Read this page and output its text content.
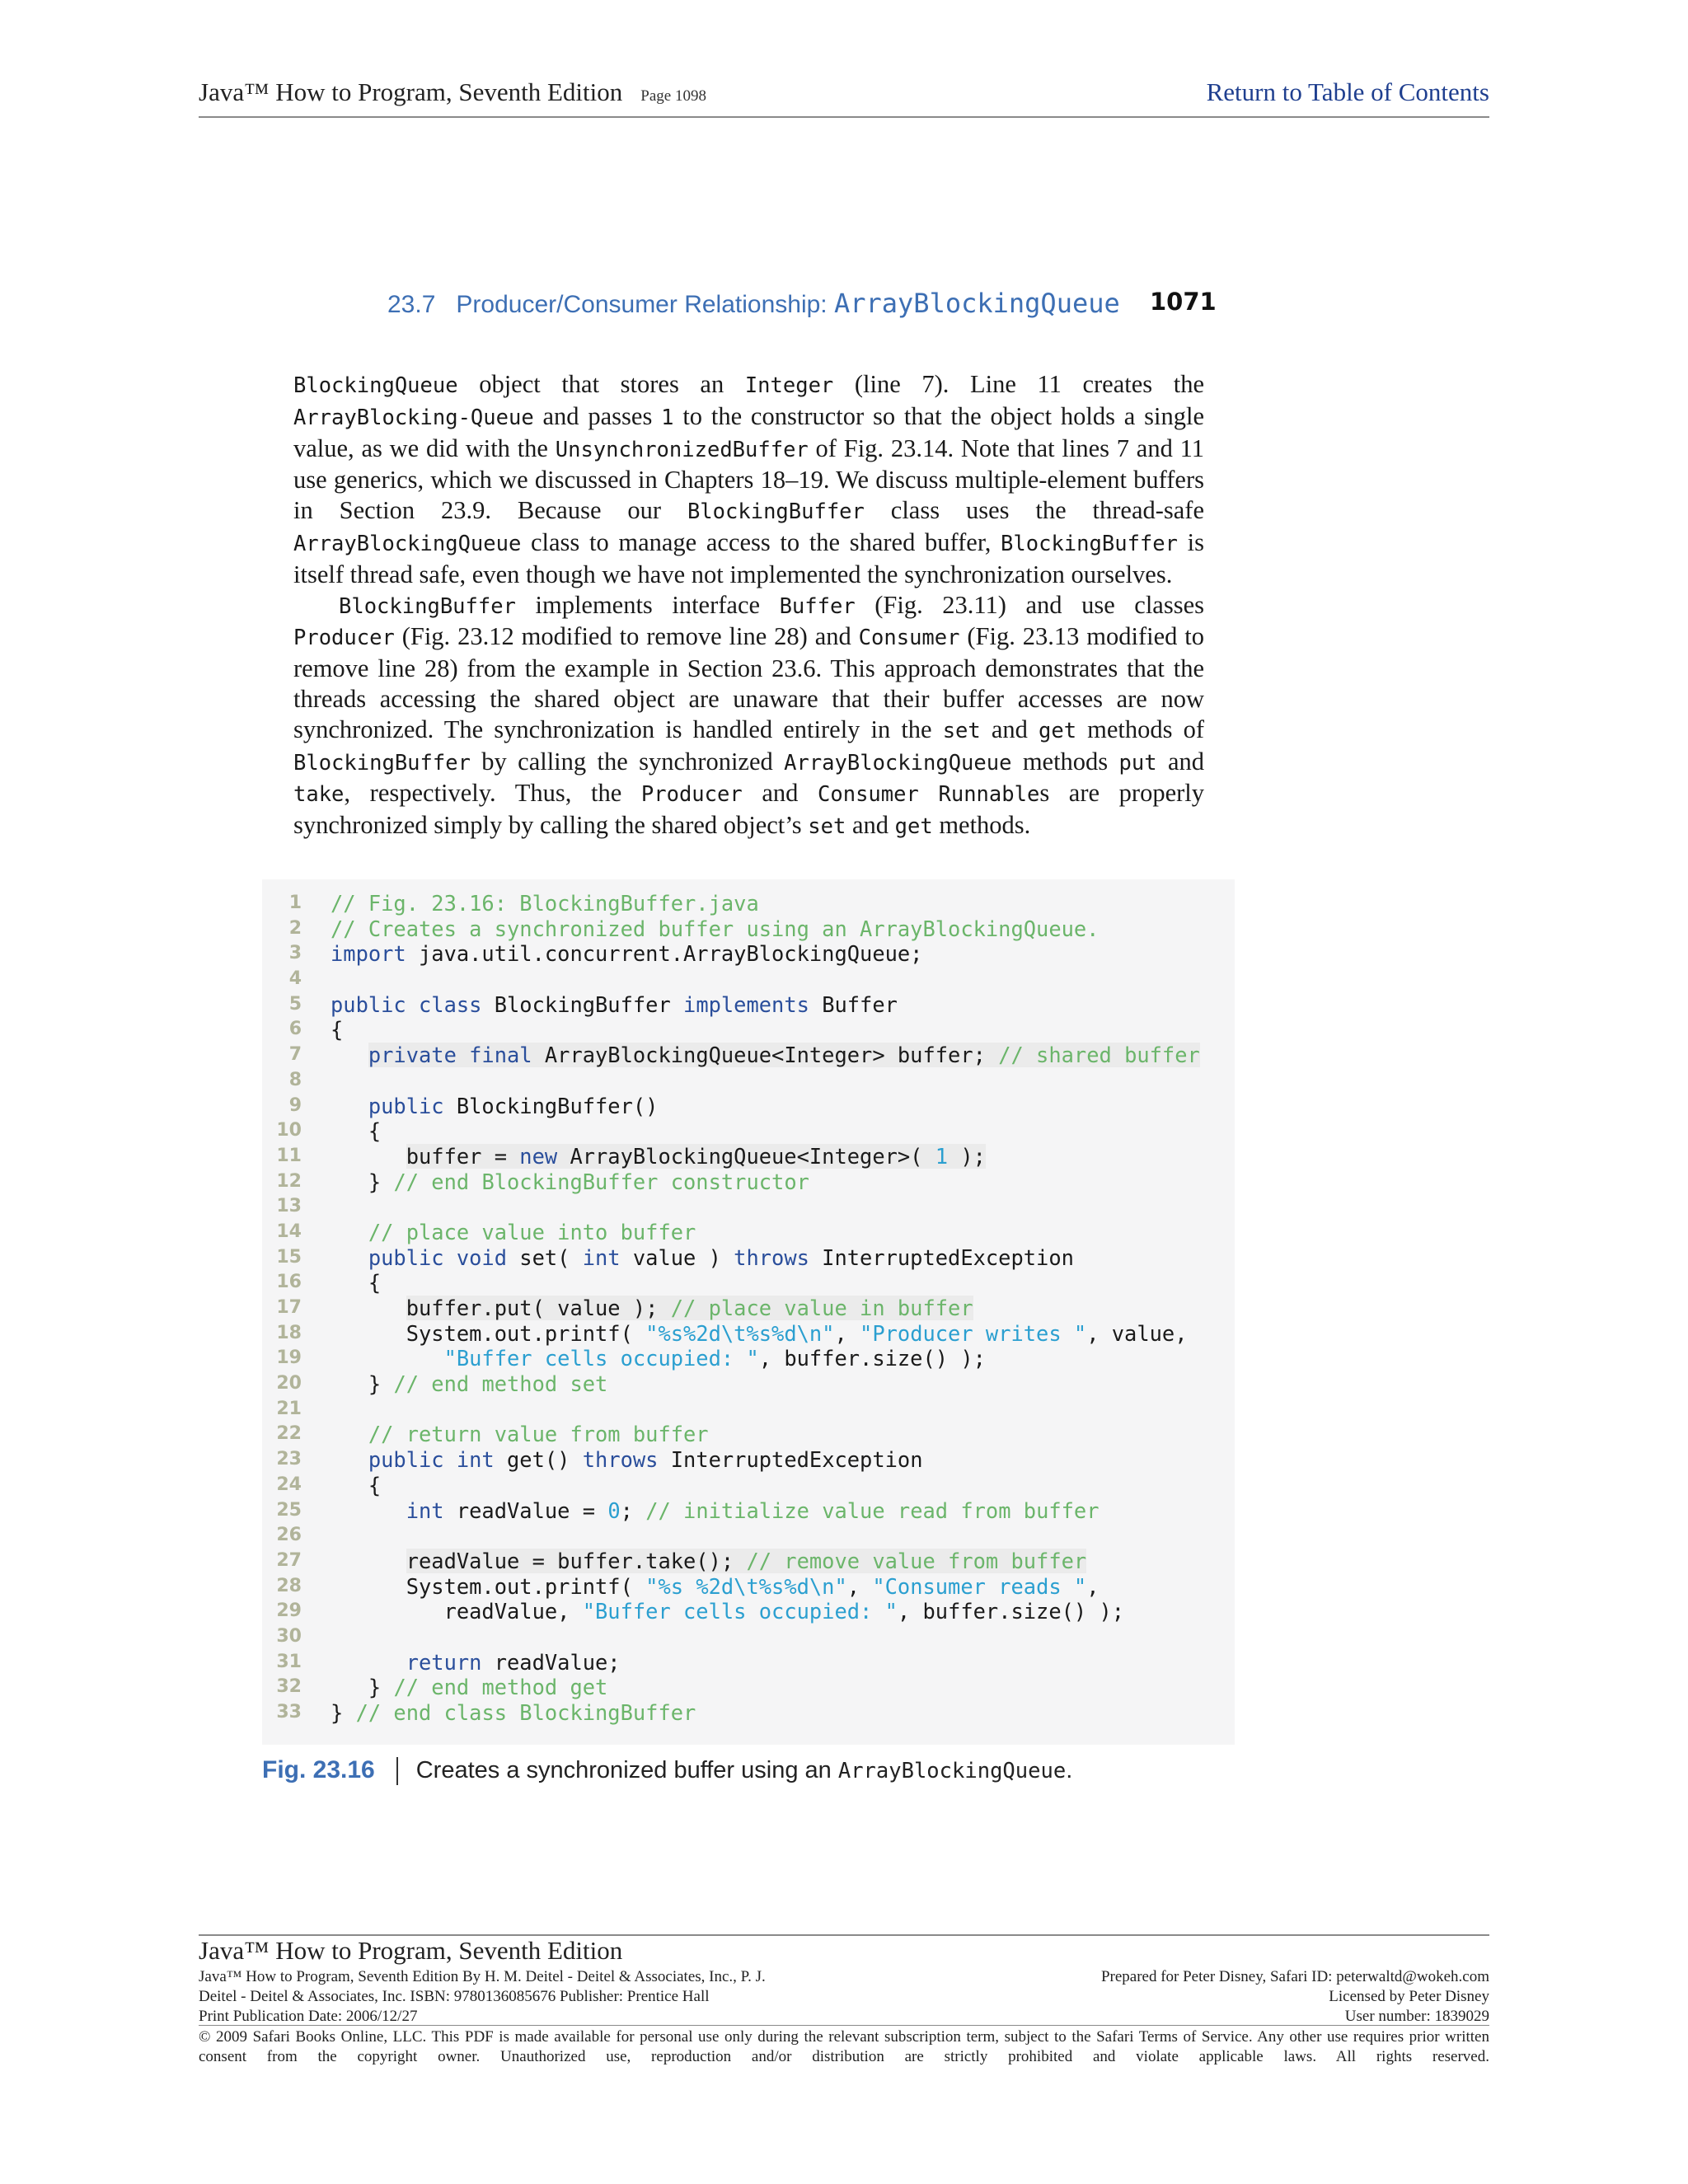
Java™ How to Program, Seventh Edition Page 1098	Return to Table of Contents
23.7 Producer/Consumer Relationship: ArrayBlockingQueue 1071

BlockingQueue object that stores an Integer (line 7). Line 11 creates the ArrayBlocking-Queue and passes 1 to the constructor so that the object holds a single value, as we did with the UnsynchronizedBuffer of Fig. 23.14. Note that lines 7 and 11 use generics, which we discussed in Chapters 18–19. We discuss multiple-element buffers in Section 23.9. Because our BlockingBuffer class uses the thread-safe ArrayBlockingQueue class to manage access to the shared buffer, BlockingBuffer is itself thread safe, even though we have not implemented the synchronization ourselves.

BlockingBuffer implements interface Buffer (Fig. 23.11) and use classes Producer (Fig. 23.12 modified to remove line 28) and Consumer (Fig. 23.13 modified to remove line 28) from the example in Section 23.6. This approach demonstrates that the threads accessing the shared object are unaware that their buffer accesses are now synchronized. The synchronization is handled entirely in the set and get methods of BlockingBuffer by calling the synchronized ArrayBlockingQueue methods put and take, respectively. Thus, the Producer and Consumer Runnables are properly synchronized simply by calling the shared object’s set and get methods.

1 // Fig. 23.16: BlockingBuffer.java
2 // Creates a synchronized buffer using an ArrayBlockingQueue.
3 import java.util.concurrent.ArrayBlockingQueue;
4
5 public class BlockingBuffer implements Buffer
6 {
7	private final ArrayBlockingQueue<Integer> buffer; // shared buffer
8
9	public BlockingBuffer()
10 {
11	buffer = new ArrayBlockingQueue<Integer>( 1 );
12 } // end BlockingBuffer constructor
13
14	// place value into buffer
15	public void set( int value ) throws InterruptedException
16 {
17	buffer.put( value ); // place value in buffer
18 System.out.printf( "%s%2d\t%s%d\n", "Producer writes ", value,
19	"Buffer cells occupied: ", buffer.size() );
20 } // end method set
21
22	// return value from buffer
23	public int get() throws InterruptedException
24 {
25	int readValue = 0; // initialize value read from buffer
26
27	readValue = buffer.take(); // remove value from buffer
28 System.out.printf( "%s %2d\t%s%d\n", "Consumer reads ",
29 readValue, "Buffer cells occupied: ", buffer.size() );
30
31	return readValue;
32 } // end method get
33 } // end class BlockingBuffer
Fig. 23.16 Creates a synchronized buffer using an ArrayBlockingQueue.
Java™ How to Program, Seventh Edition
Java™ How to Program, Seventh Edition By H. M. Deitel - Deitel & Associates, Inc., P. J.
Deitel - Deitel & Associates, Inc. ISBN: 9780136085676 Publisher: Prentice Hall
Print Publication Date: 2006/12/27
Prepared for Peter Disney, Safari ID: peterwaltd@wokeh.com
Licensed by Peter Disney
User number: 1839029
© 2009 Safari Books Online, LLC. This PDF is made available for personal use only during the relevant subscription term, subject to the Safari Terms of Service. Any other use requires prior written consent from the copyright owner. Unauthorized use, reproduction and/or distribution are strictly prohibited and violate applicable laws. All rights reserved.
